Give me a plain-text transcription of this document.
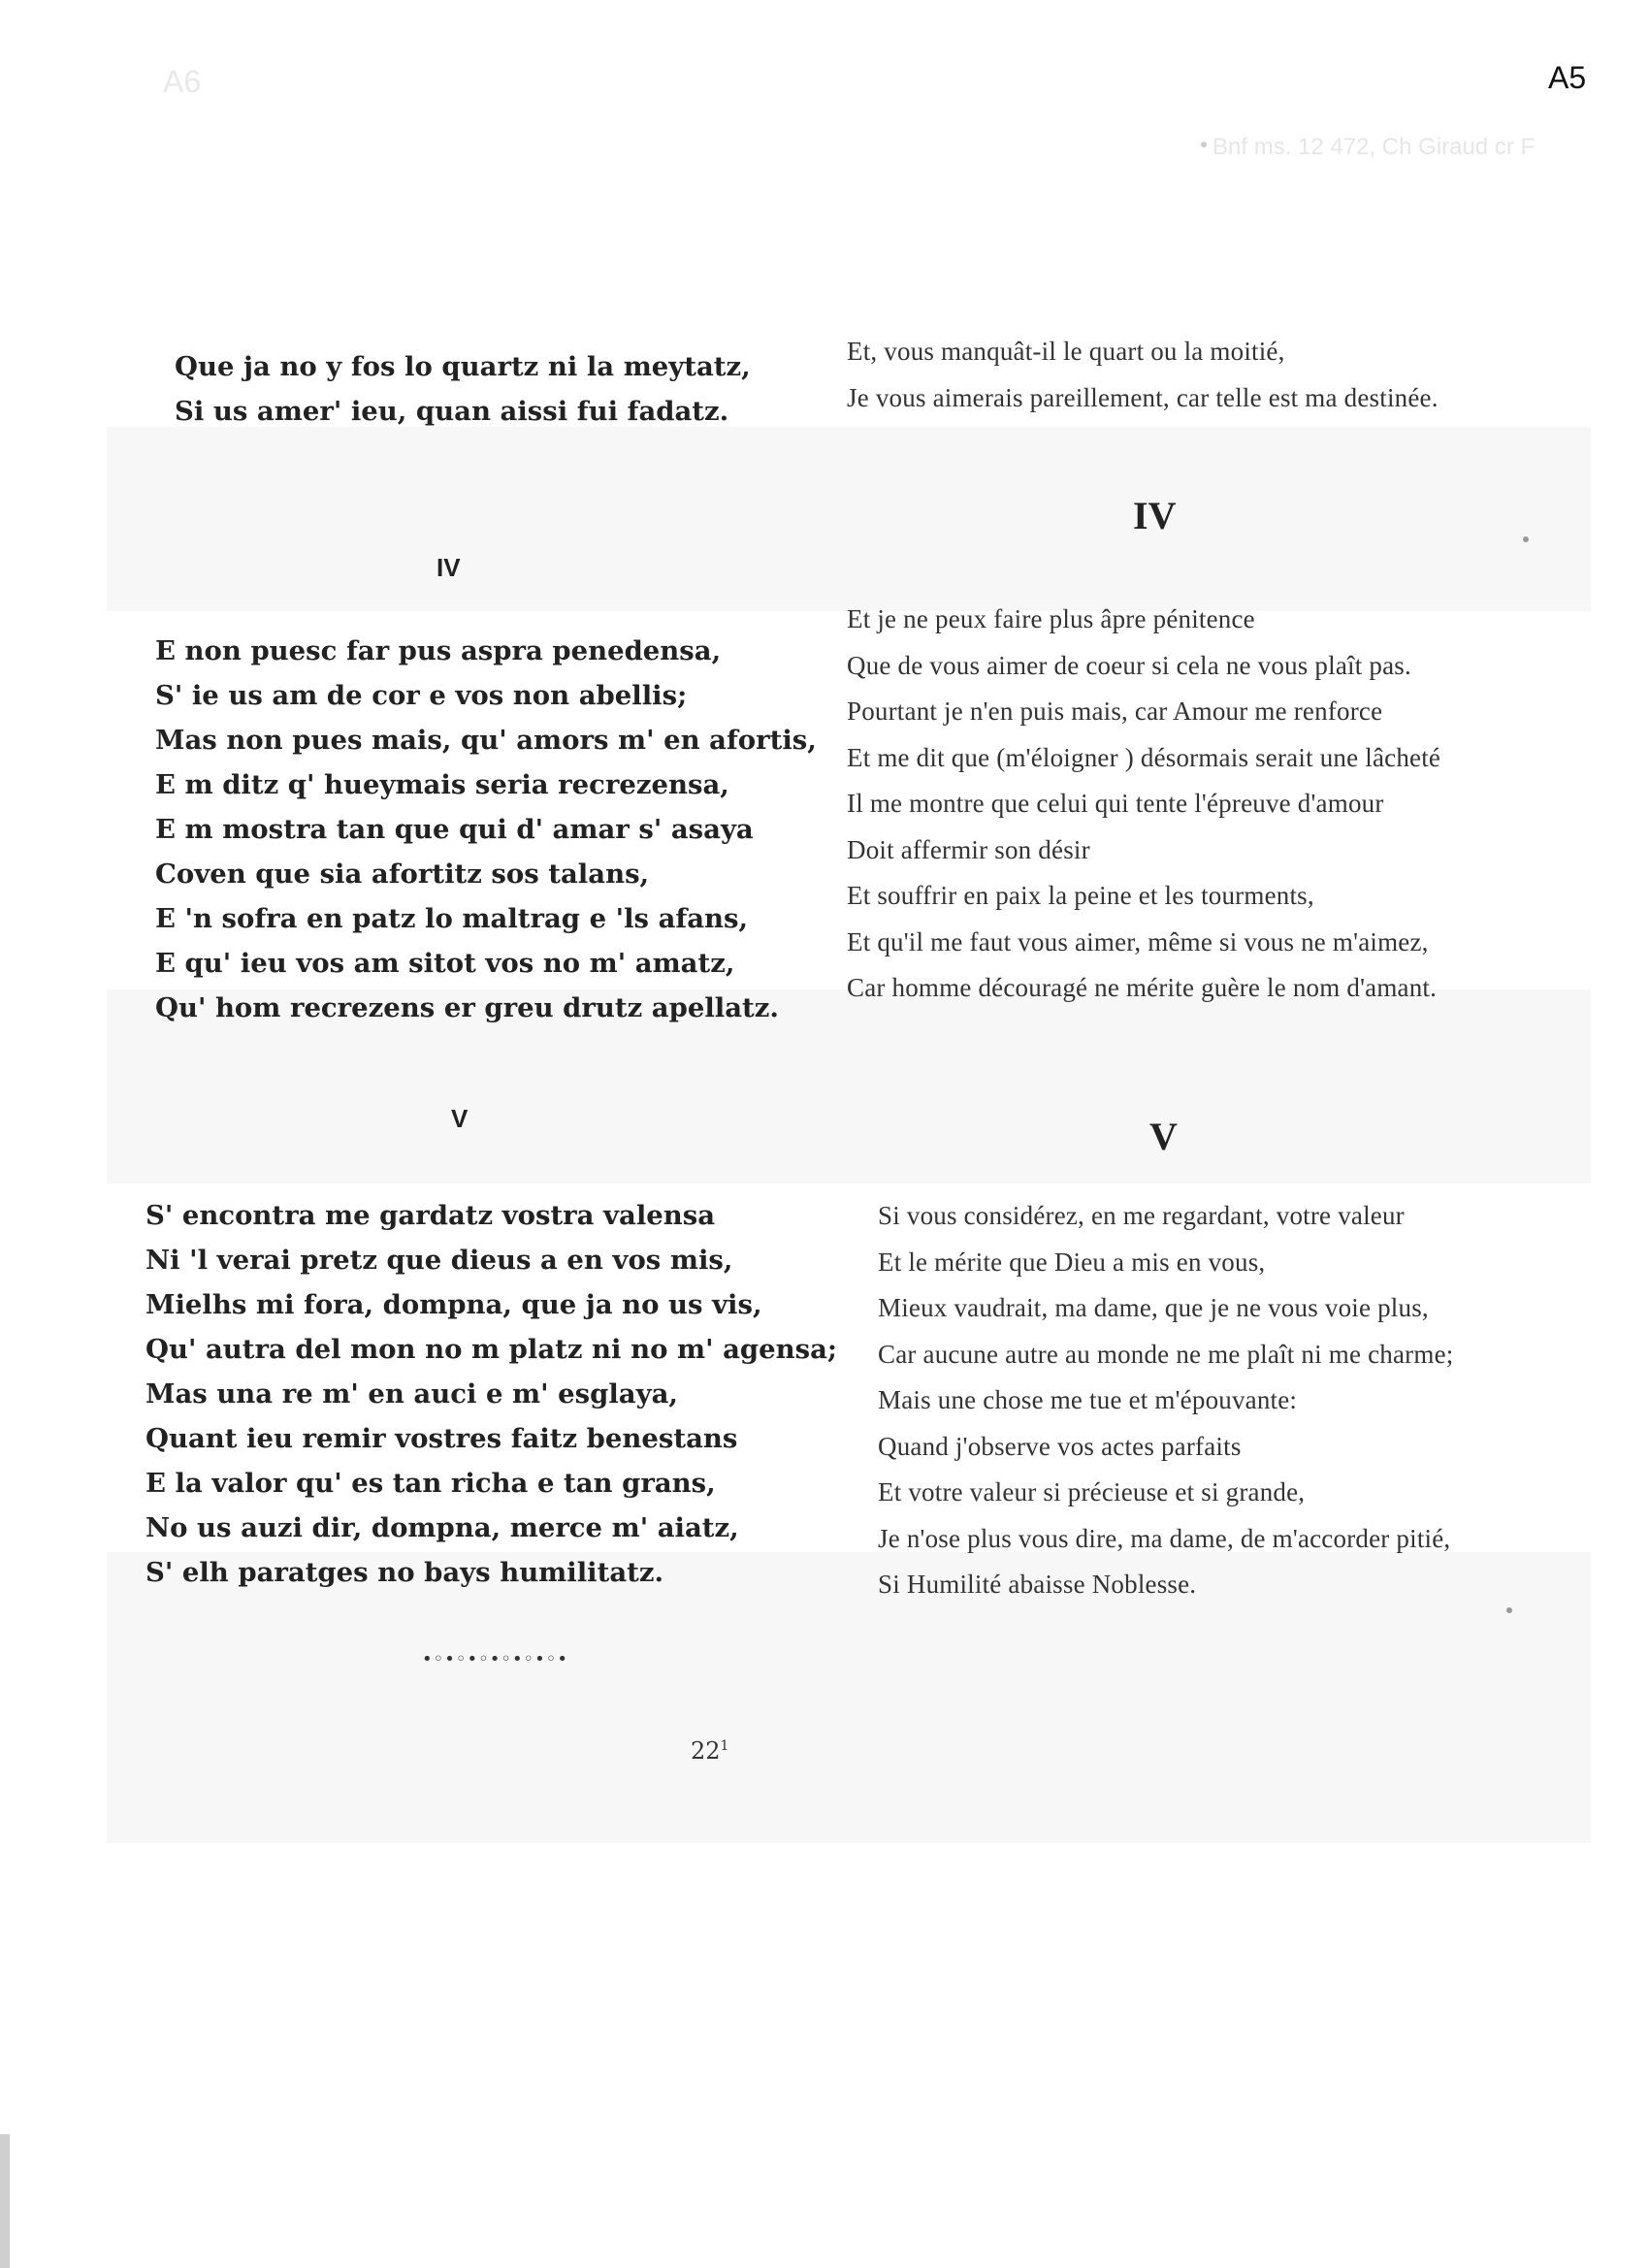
A6
Bnf ms. 12 472, Ch Giraud cr F
A5
Que ja no y fos lo quartz ni la meytatz,
Si us amer' ieu, quan aissi fui fadatz.
IV
E non puesc far pus aspra penedensa,
S' ie us am de cor e vos non abellis;
Mas non pues mais, qu' amors m' en afortis,
E m ditz q' hueymais seria recrezensa,
E m mostra tan que qui d' amar s' asaya
Coven que sia afortitz sos talans,
E 'n sofra en patz lo maltrag e 'ls afans,
E qu' ieu vos am sitot vos no m' amatz,
Qu' hom recrezens er greu drutz apellatz.
V
S' encontra me gardatz vostra valensa
Ni 'l verai pretz que dieus a en vos mis,
Mielhs mi fora, dompna, que ja no us vis,
Qu' autra del mon no m platz ni no m' agensa;
Mas una re m' en auci e m' esglaya,
Quant ieu remir vostres faitz benestans
E la valor qu' es tan richa e tan grans,
No us auzi dir, dompna, merce m' aiatz,
S' elh paratges no bays humilitatz.
•◦•◦•◦•◦•◦•◦•
$22^1$
Et, vous manquât-il le quart ou la moitié,
Je vous aimerais pareillement, car telle est ma destinée.
IV
Et je ne peux faire plus âpre pénitence
Que de vous aimer de coeur si cela ne vous plaît pas.
Pourtant je n'en puis mais, car Amour me renforce
Et me dit que (m'éloigner ) désormais serait une lâcheté
Il me montre que celui qui tente l'épreuve d'amour
Doit affermir son désir
Et souffrir en paix la peine et les tourments,
Et qu'il me faut vous aimer, même si vous ne m'aimez,
Car homme découragé ne mérite guère le nom d'amant.
V
Si vous considérez, en me regardant, votre valeur
Et le mérite que Dieu a mis en vous,
Mieux vaudrait, ma dame, que je ne vous voie plus,
Car aucune autre au monde ne me plaît ni me charme;
Mais une chose me tue et m'épouvante:
Quand j'observe vos actes parfaits
Et votre valeur si précieuse et si grande,
Je n'ose plus vous dire, ma dame, de m'accorder pitié,
Si Humilité abaisse Noblesse.
